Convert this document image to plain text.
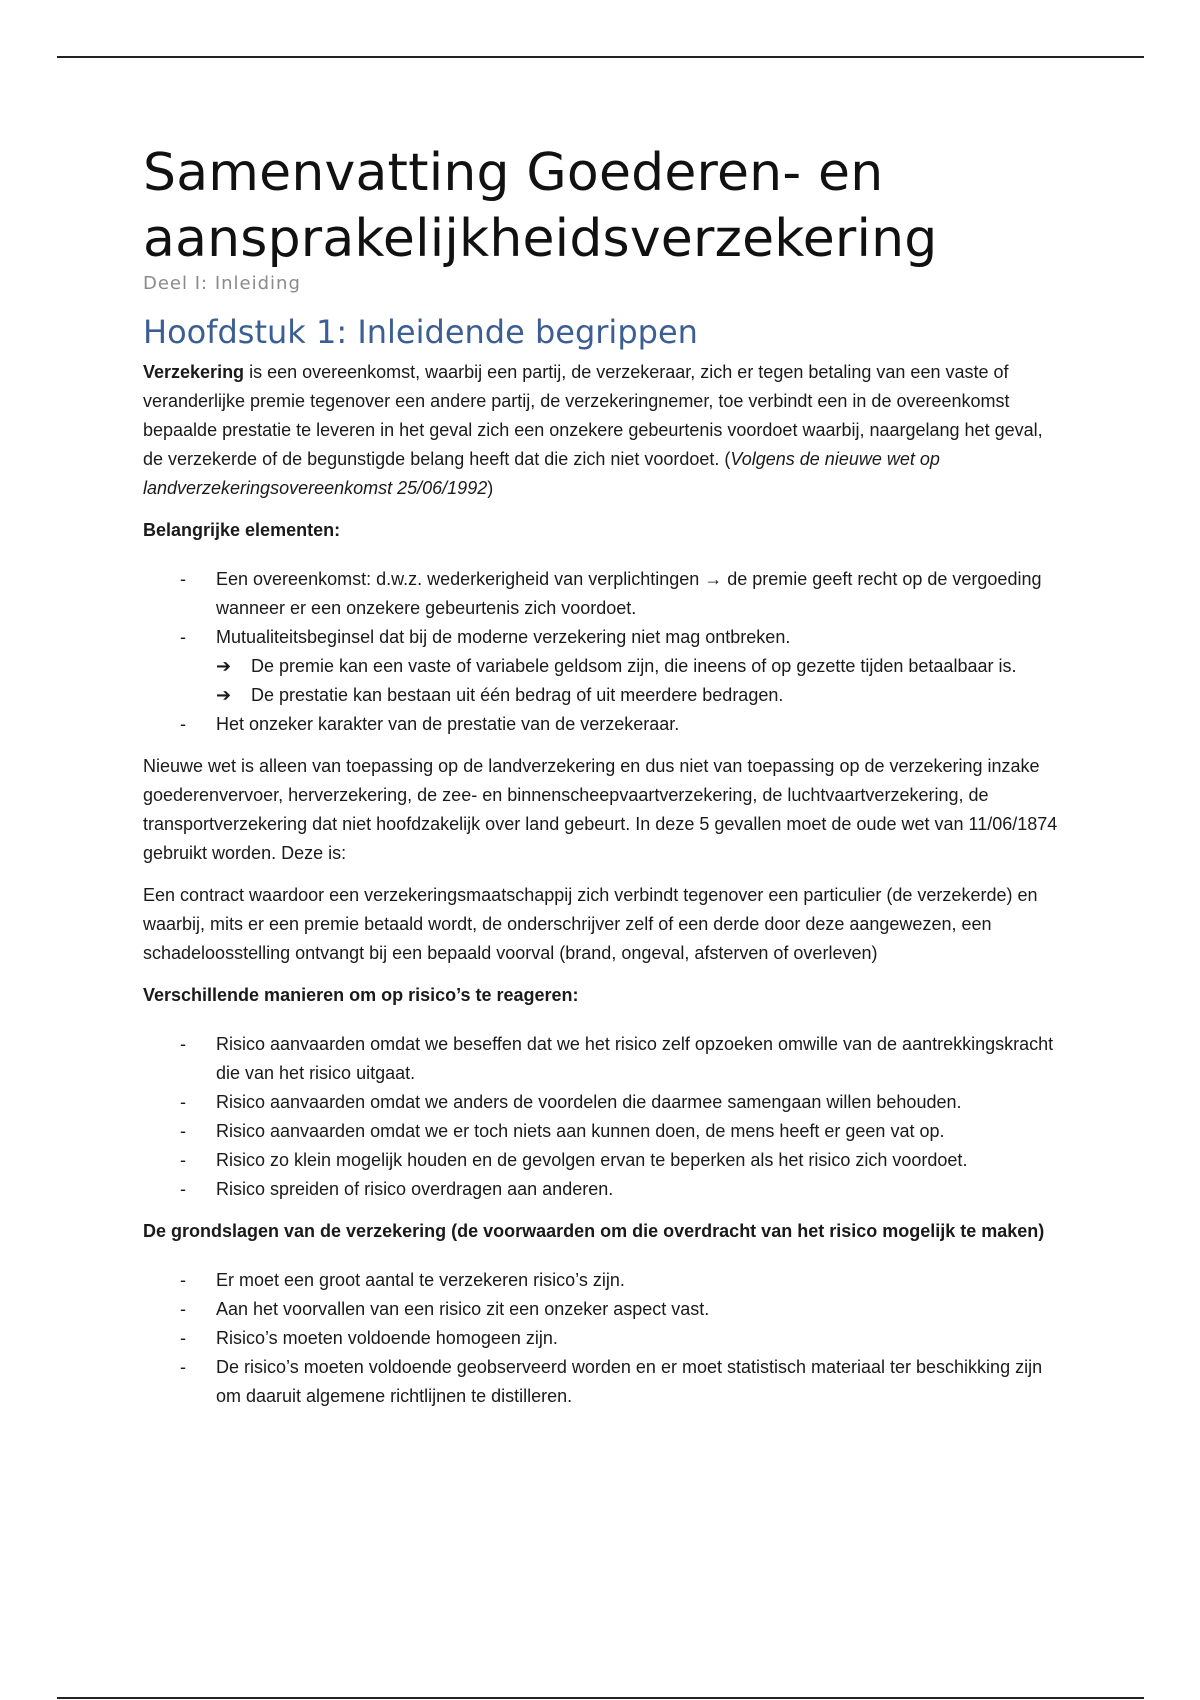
Samenvatting Goederen- en
aansprakelijkheidsverzekering
Deel I: Inleiding
Hoofdstuk 1: Inleidende begrippen

Verzekering is een overeenkomst, waarbij een partij, de verzekeraar, zich er tegen betaling van een vaste of veranderlijke premie tegenover een andere partij, de verzekeringnemer, toe verbindt een in de overeenkomst bepaalde prestatie te leveren in het geval zich een onzekere gebeurtenis voordoet waarbij, naargelang het geval, de verzekerde of de begunstigde belang heeft dat die zich niet voordoet. (Volgens de nieuwe wet op landverzekeringsovereenkomst 25/06/1992)

Belangrijke elementen:

- Een overeenkomst: d.w.z. wederkerigheid van verplichtingen → de premie geeft recht op de vergoeding wanneer er een onzekere gebeurtenis zich voordoet.
- Mutualiteitsbeginsel dat bij de moderne verzekering niet mag ontbreken.
➔ De premie kan een vaste of variabele geldsom zijn, die ineens of op gezette tijden betaalbaar is.
➔ De prestatie kan bestaan uit één bedrag of uit meerdere bedragen.
- Het onzeker karakter van de prestatie van de verzekeraar.

Nieuwe wet is alleen van toepassing op de landverzekering en dus niet van toepassing op de verzekering inzake goederenvervoer, herverzekering, de zee- en binnenscheepvaartverzekering, de luchtvaartverzekering, de transportverzekering dat niet hoofdzakelijk over land gebeurt. In deze 5 gevallen moet de oude wet van 11/06/1874 gebruikt worden. Deze is:

Een contract waardoor een verzekeringsmaatschappij zich verbindt tegenover een particulier (de verzekerde) en waarbij, mits er een premie betaald wordt, de onderschrijver zelf of een derde door deze aangewezen, een schadeloosstelling ontvangt bij een bepaald voorval (brand, ongeval, afsterven of overleven)

Verschillende manieren om op risico’s te reageren:

- Risico aanvaarden omdat we beseffen dat we het risico zelf opzoeken omwille van de aantrekkingskracht die van het risico uitgaat.
- Risico aanvaarden omdat we anders de voordelen die daarmee samengaan willen behouden.
- Risico aanvaarden omdat we er toch niets aan kunnen doen, de mens heeft er geen vat op.
- Risico zo klein mogelijk houden en de gevolgen ervan te beperken als het risico zich voordoet.
- Risico spreiden of risico overdragen aan anderen.

De grondslagen van de verzekering (de voorwaarden om die overdracht van het risico mogelijk te maken)

- Er moet een groot aantal te verzekeren risico’s zijn.
- Aan het voorvallen van een risico zit een onzeker aspect vast.
- Risico’s moeten voldoende homogeen zijn.
- De risico’s moeten voldoende geobserveerd worden en er moet statistisch materiaal ter beschikking zijn om daaruit algemene richtlijnen te distilleren.
